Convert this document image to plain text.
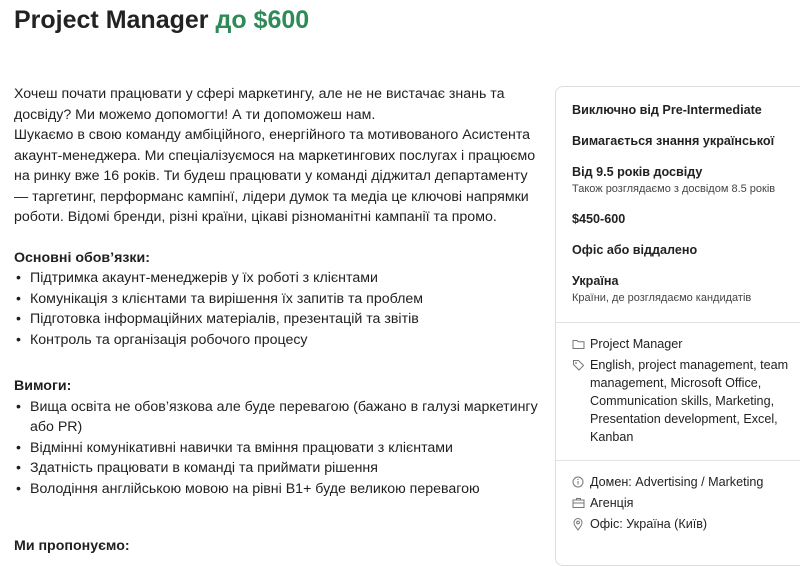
Project Manager до $600

Хочеш почати працювати у сфері маркетингу, але не не вистачає знань та досвіду? Ми можемо допомогти! А ти допоможеш нам.

Шукаємо в свою команду амбіційного, енергійного та мотивованого Асистента акаунт-менеджера. Ми спеціалізуємося на маркетингових послугах і працюємо на ринку вже 16 років. Ти будеш працювати у команді діджитал департаменту — таргетинг, перформанс кампінї, лідери думок та медіа це ключові напрямки роботи. Відомі бренди, різні країни, цікаві різноманітні кампанії та промо.

Основні обов’язки:
• Підтримка акаунт-менеджерів у їх роботі з клієнтами
• Комунікація з клієнтами та вирішення їх запитів та проблем
• Підготовка інформаційних матеріалів, презентацій та звітів
• Контроль та організація робочого процесу
Вимоги:
• Вища освіта не обов’язкова але буде перевагою (бажано в галузі маркетингу або PR)
• Відмінні комунікативні навички та вміння працювати з клієнтами
• Здатність працювати в команді та приймати рішення
• Володіння англійською мовою на рівні B1+ буде великою перевагою
Ми пропонуємо:
Виключно від Pre-Intermediate
Вимагається знання української
Від 9.5 років досвіду
Також розглядаємо з досвідом 8.5 років
$450-600
Офіс або віддалено
Україна
Країни, де розглядаємо кандидатів
Project Manager
English, project management, team management, Microsoft Office, Communication skills, Marketing, Presentation development, Excel, Kanban
Домен: Advertising / Marketing
Агенція
Офіс: Україна (Київ)
